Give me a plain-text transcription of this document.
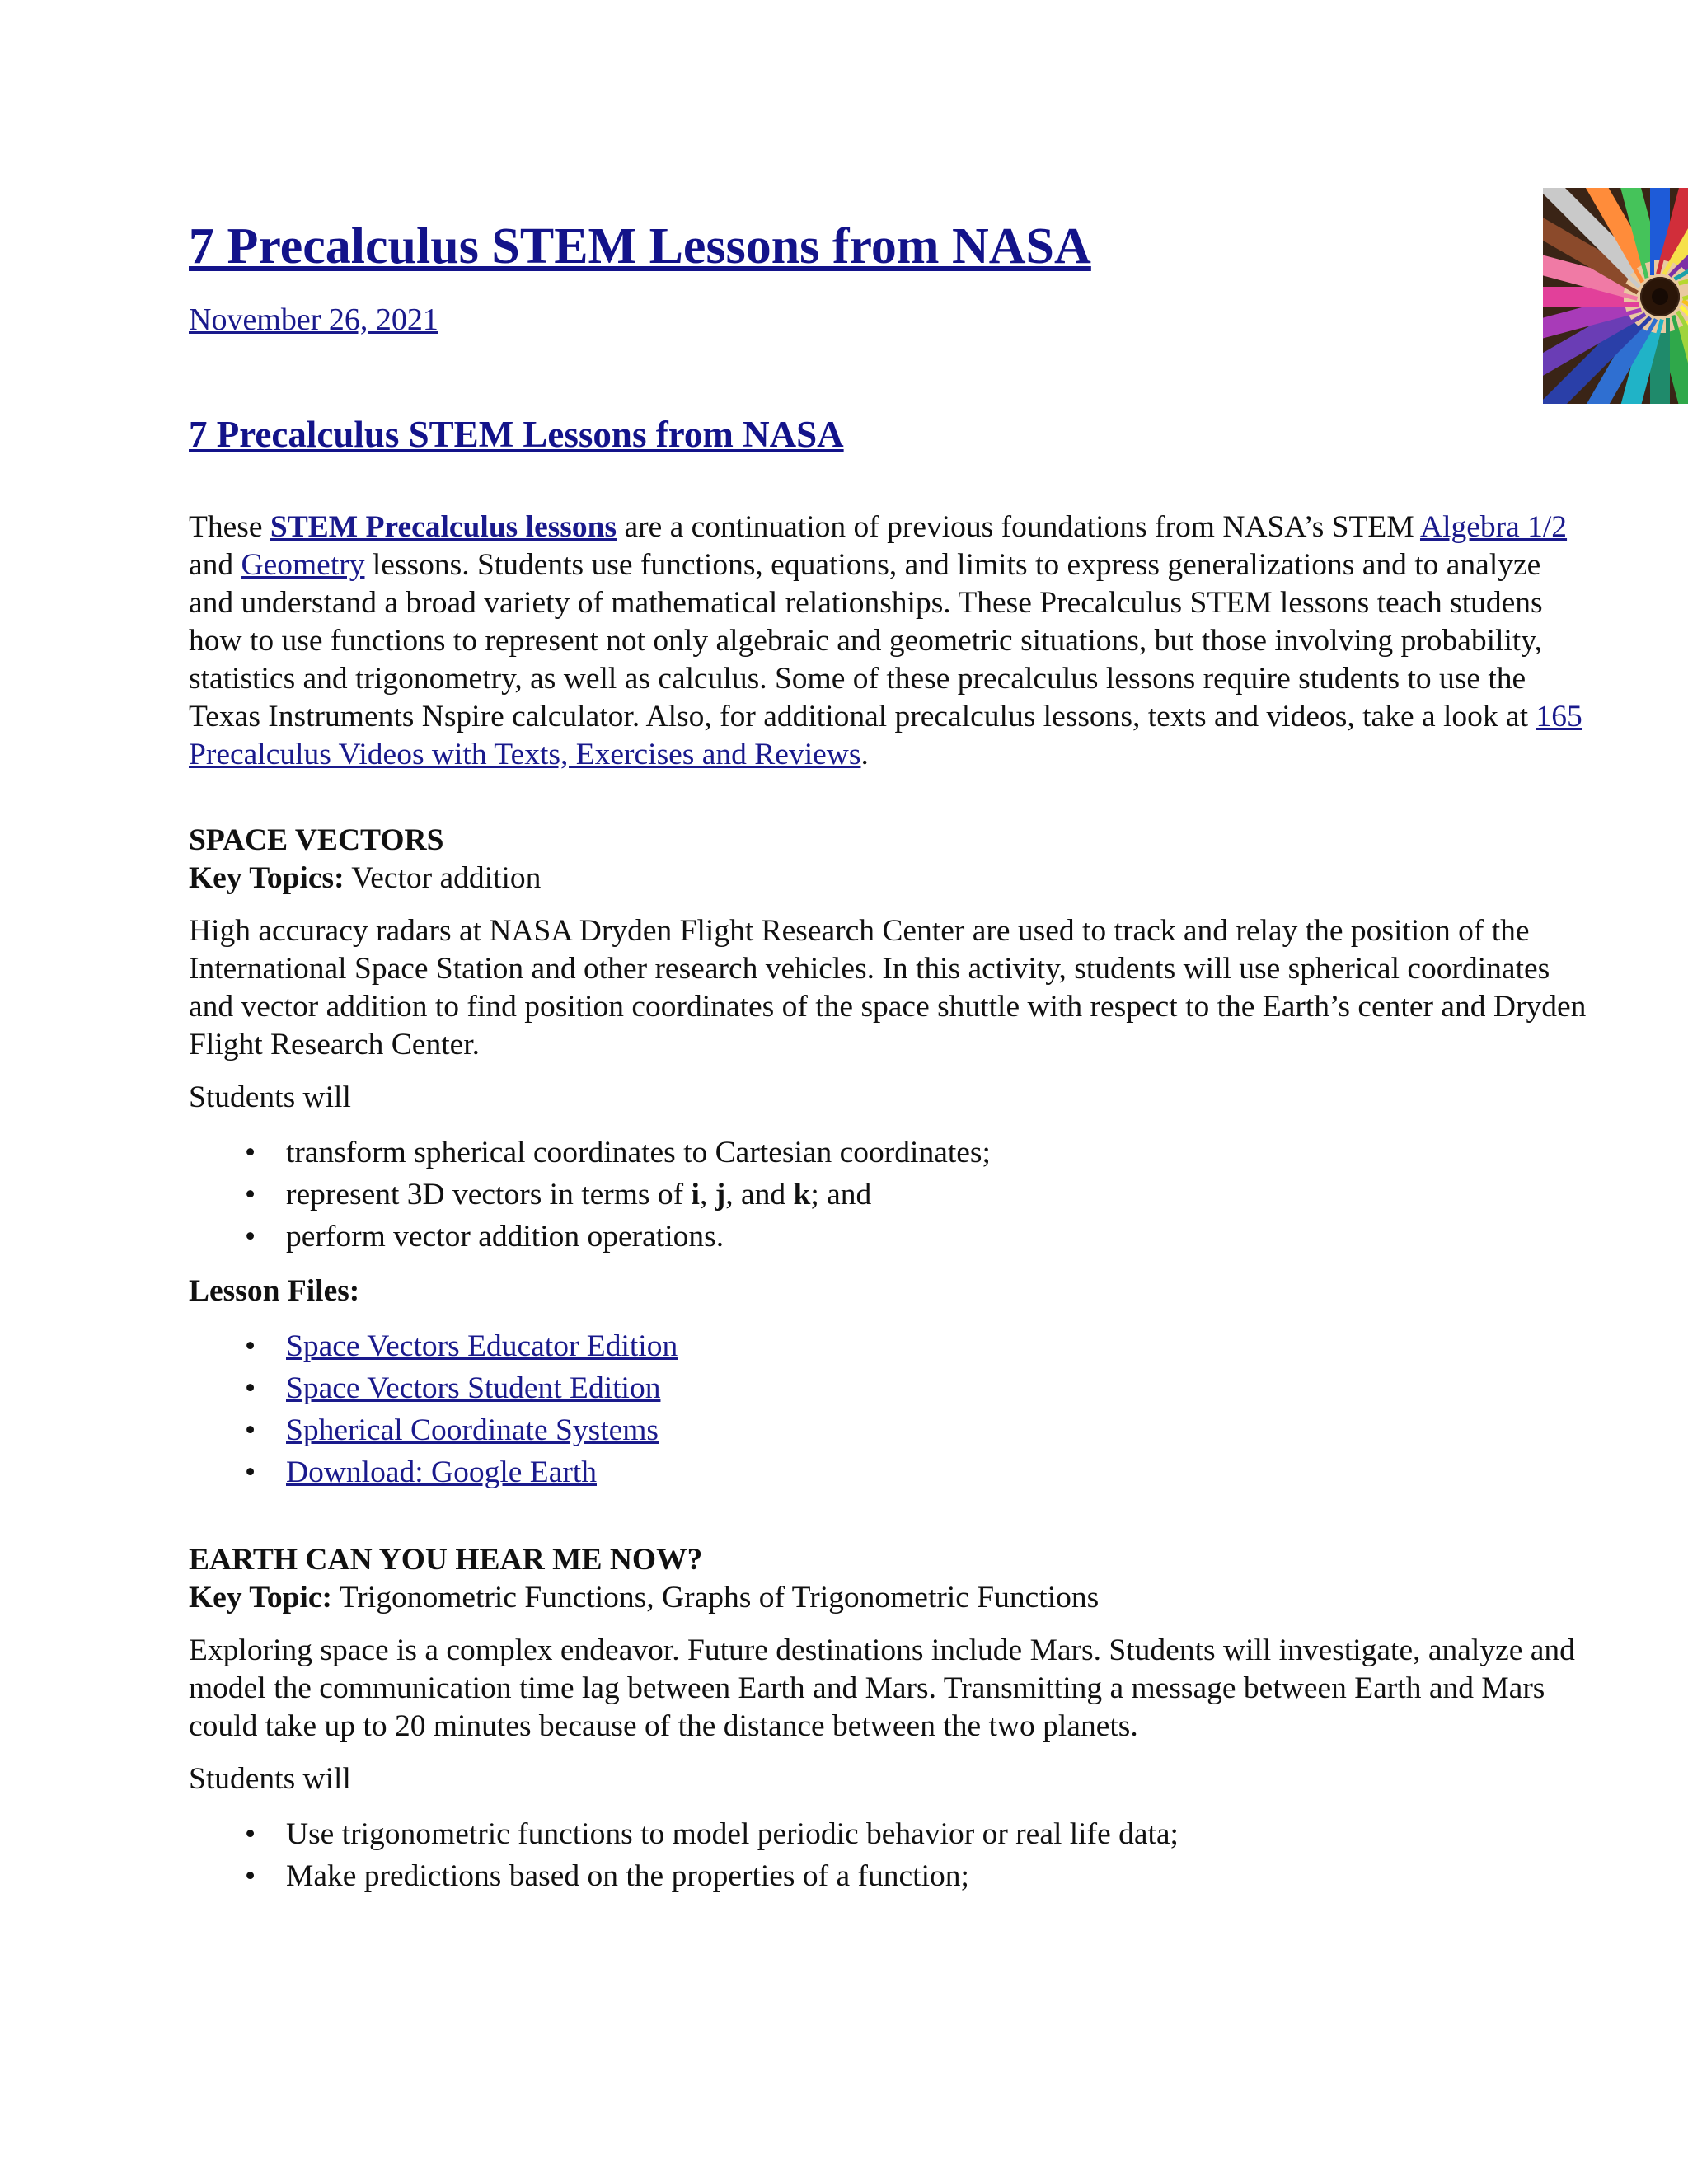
7 Precalculus STEM Lessons from NASA
November 26, 2021
7 Precalculus STEM Lessons from NASA

These STEM Precalculus lessons are a continuation of previous foundations from NASA’s STEM Algebra 1/2 and Geometry lessons. Students use functions, equations, and limits to express generalizations and to analyze and understand a broad variety of mathematical relationships. These Precalculus STEM lessons teach studens how to use functions to represent not only algebraic and geometric situations, but those involving probability, statistics and trigonometry, as well as calculus. Some of these precalculus lessons require students to use the Texas Instruments Nspire calculator. Also, for additional precalculus lessons, texts and videos, take a look at 165 Precalculus Videos with Texts, Exercises and Reviews.

SPACE VECTORS

Key Topics: Vector addition

High accuracy radars at NASA Dryden Flight Research Center are used to track and relay the position of the International Space Station and other research vehicles. In this activity, students will use spherical coordinates and vector addition to find position coordinates of the space shuttle with respect to the Earth’s center and Dryden Flight Research Center.

Students will

• transform spherical coordinates to Cartesian coordinates;
• represent 3D vectors in terms of i, j, and k; and
• perform vector addition operations.

Lesson Files:

• Space Vectors Educator Edition
• Space Vectors Student Edition
• Spherical Coordinate Systems
• Download: Google Earth

EARTH CAN YOU HEAR ME NOW?

Key Topic: Trigonometric Functions, Graphs of Trigonometric Functions

Exploring space is a complex endeavor. Future destinations include Mars. Students will investigate, analyze and model the communication time lag between Earth and Mars. Transmitting a message between Earth and Mars could take up to 20 minutes because of the distance between the two planets.

Students will

• Use trigonometric functions to model periodic behavior or real life data;
• Make predictions based on the properties of a function;
